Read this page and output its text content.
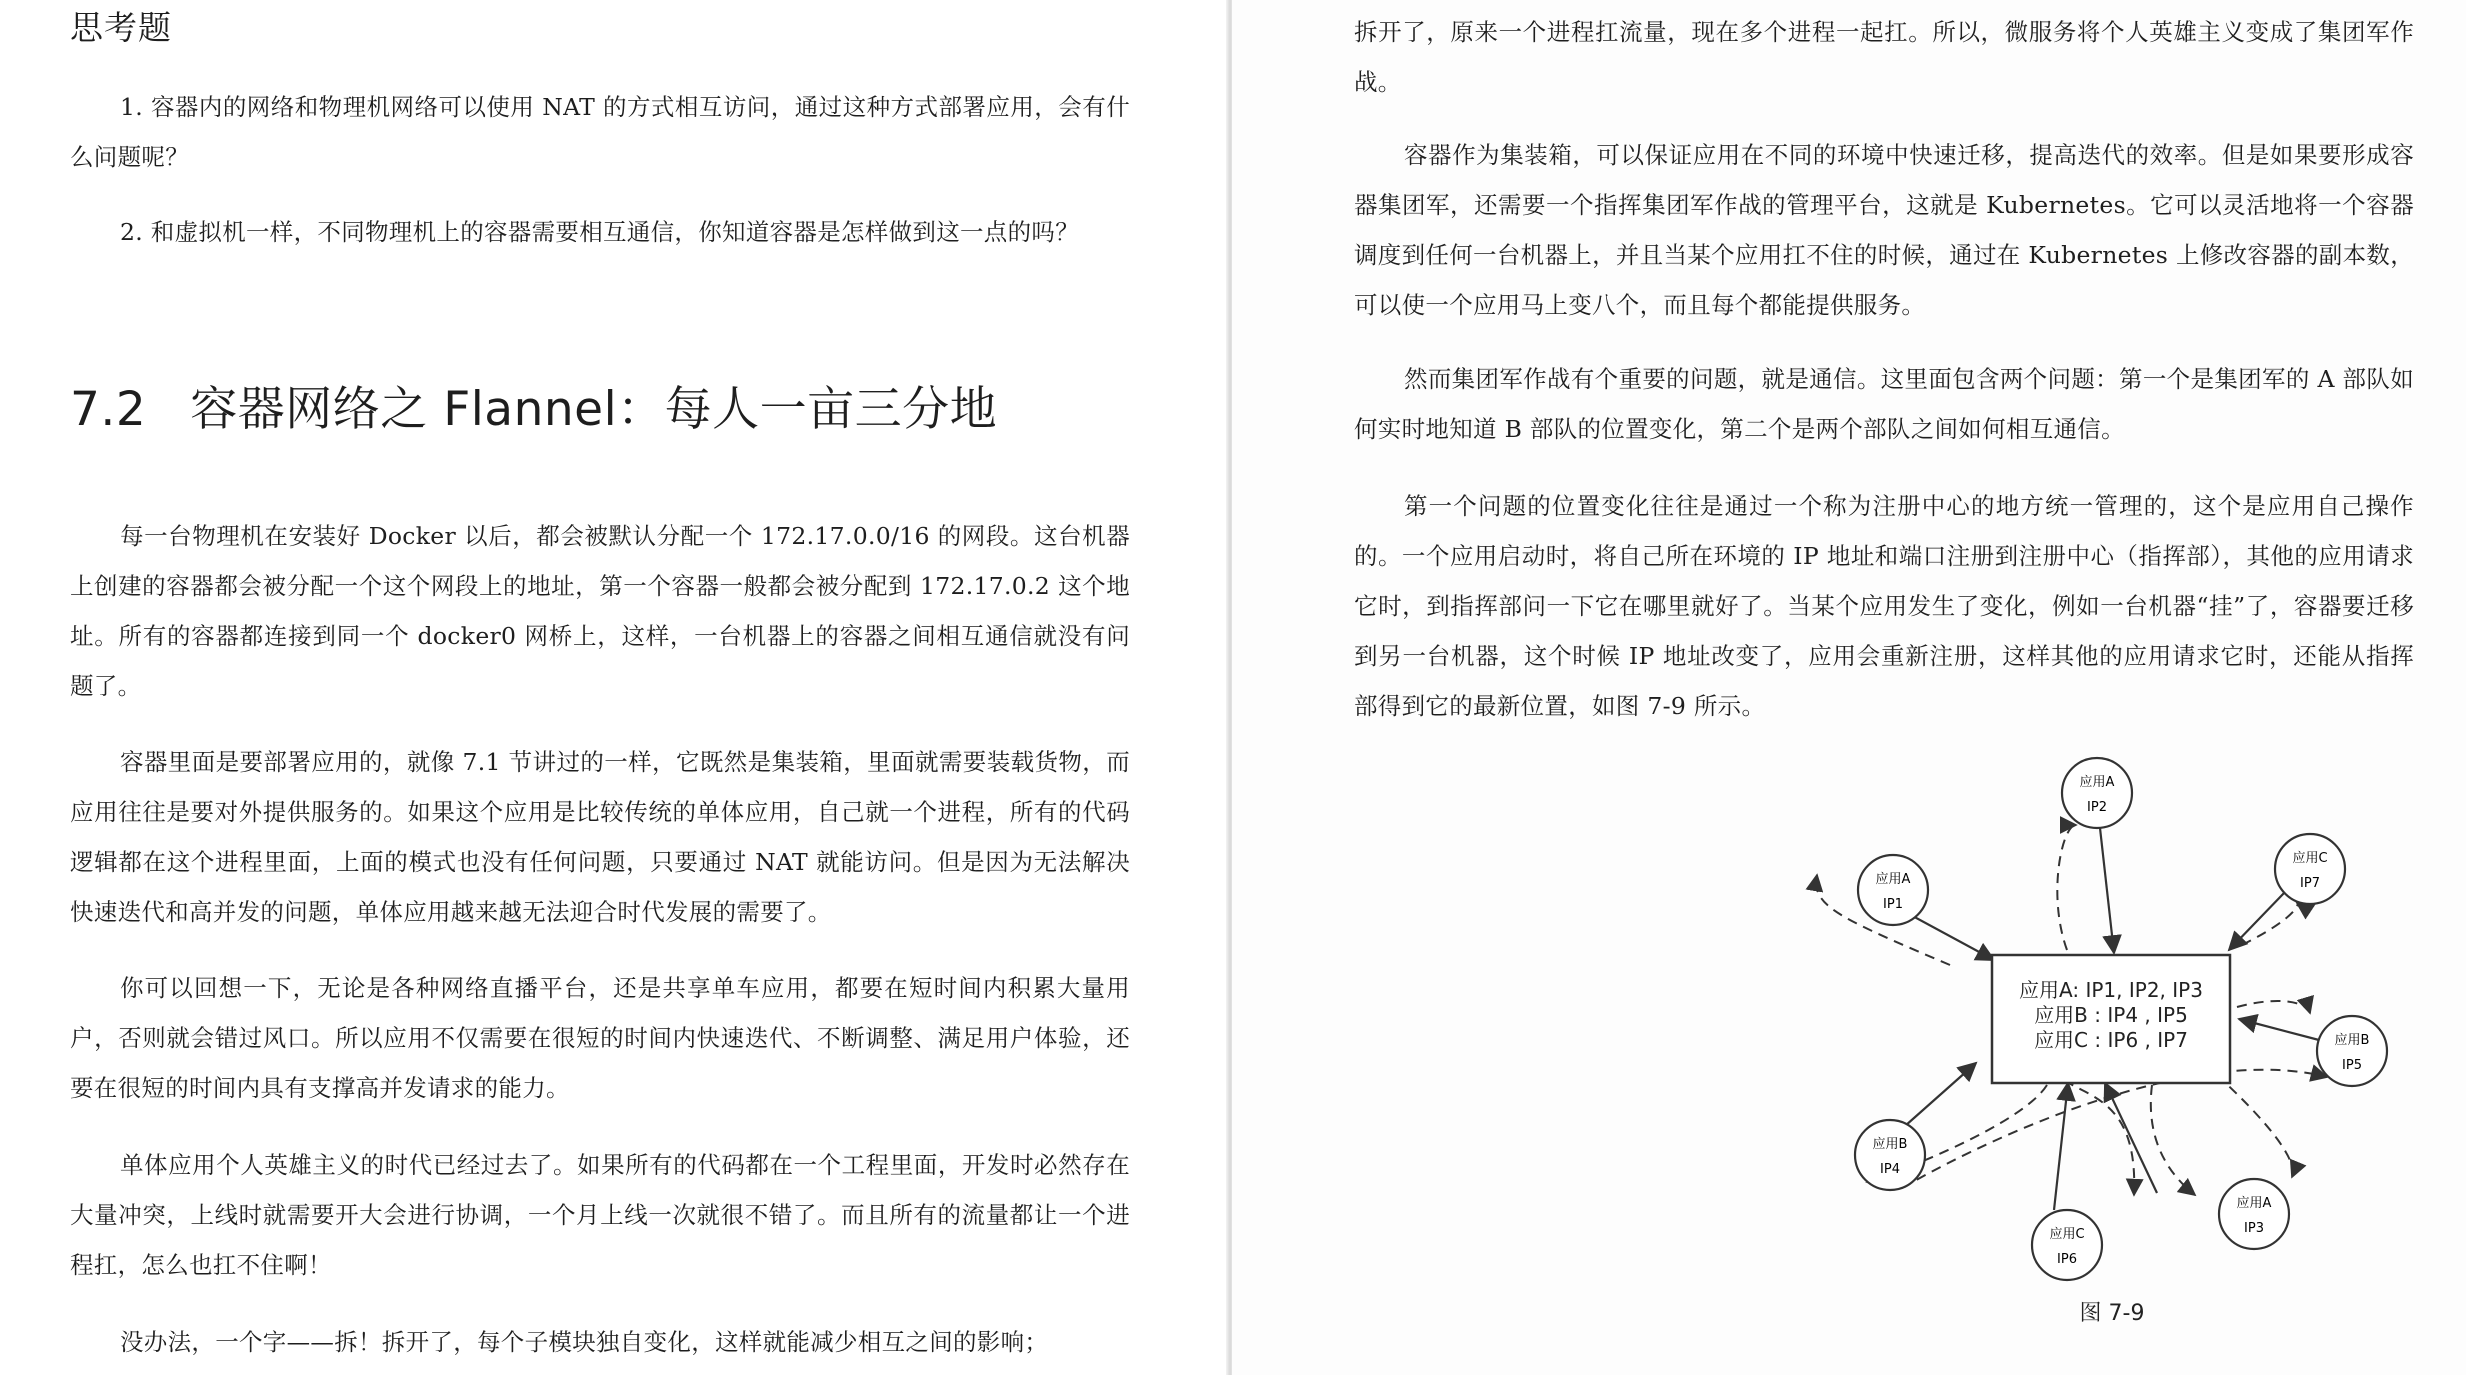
思考题

1. 容器内的网络和物理机网络可以使用 NAT 的方式相互访问，通过这种方式部署应用，会有什么问题呢？

2. 和虚拟机一样，不同物理机上的容器需要相互通信，你知道容器是怎样做到这一点的吗？

7.2 容器网络之 Flannel：每人一亩三分地

每一台物理机在安装好 Docker 以后，都会被默认分配一个 172.17.0.0/16 的网段。这台机器上创建的容器都会被分配一个这个网段上的地址，第一个容器一般都会被分配到 172.17.0.2 这个地址。所有的容器都连接到同一个 docker0 网桥上，这样，一台机器上的容器之间相互通信就没有问题了。

容器里面是要部署应用的，就像 7.1 节讲过的一样，它既然是集装箱，里面就需要装载货物，而应用往往是要对外提供服务的。如果这个应用是比较传统的单体应用，自己就一个进程，所有的代码逻辑都在这个进程里面，上面的模式也没有任何问题，只要通过 NAT 就能访问。但是因为无法解决快速迭代和高并发的问题，单体应用越来越无法迎合时代发展的需要了。

你可以回想一下，无论是各种网络直播平台，还是共享单车应用，都要在短时间内积累大量用户，否则就会错过风口。所以应用不仅需要在很短的时间内快速迭代、不断调整、满足用户体验，还要在很短的时间内具有支撑高并发请求的能力。

单体应用个人英雄主义的时代已经过去了。如果所有的代码都在一个工程里面，开发时必然存在大量冲突，上线时就需要开大会进行协调，一个月上线一次就很不错了。而且所有的流量都让一个进程扛，怎么也扛不住啊！

没办法，一个字——拆！拆开了，每个子模块独自变化，这样就能减少相互之间的影响；

拆开了，原来一个进程扛流量，现在多个进程一起扛。所以，微服务将个人英雄主义变成了集团军作战。

容器作为集装箱，可以保证应用在不同的环境中快速迁移，提高迭代的效率。但是如果要形成容器集团军，还需要一个指挥集团军作战的管理平台，这就是 Kubernetes。它可以灵活地将一个容器调度到任何一台机器上，并且当某个应用扛不住的时候，通过在 Kubernetes 上修改容器的副本数，可以使一个应用马上变八个，而且每个都能提供服务。

然而集团军作战有个重要的问题，就是通信。这里面包含两个问题：第一个是集团军的 A 部队如何实时地知道 B 部队的位置变化，第二个是两个部队之间如何相互通信。

第一个问题的位置变化往往是通过一个称为注册中心的地方统一管理的，这个是应用自己操作的。一个应用启动时，将自己所在环境的 IP 地址和端口注册到注册中心（指挥部），其他的应用请求它时，到指挥部问一下它在哪里就好了。当某个应用发生了变化，例如一台机器“挂”了，容器要迁移到另一台机器，这个时候 IP 地址改变了，应用会重新注册，这样其他的应用请求它时，还能从指挥部得到它的最新位置，如图 7-9 所示。

应用A: IP1, IP2, IP3
应用B : IP4 , IP5
应用C : IP6 , IP7
应用A
IP1
应用A
IP2
应用C
IP7
应用B
IP5
应用A
IP3
应用C
IP6
应用B
IP4
图 7-9
